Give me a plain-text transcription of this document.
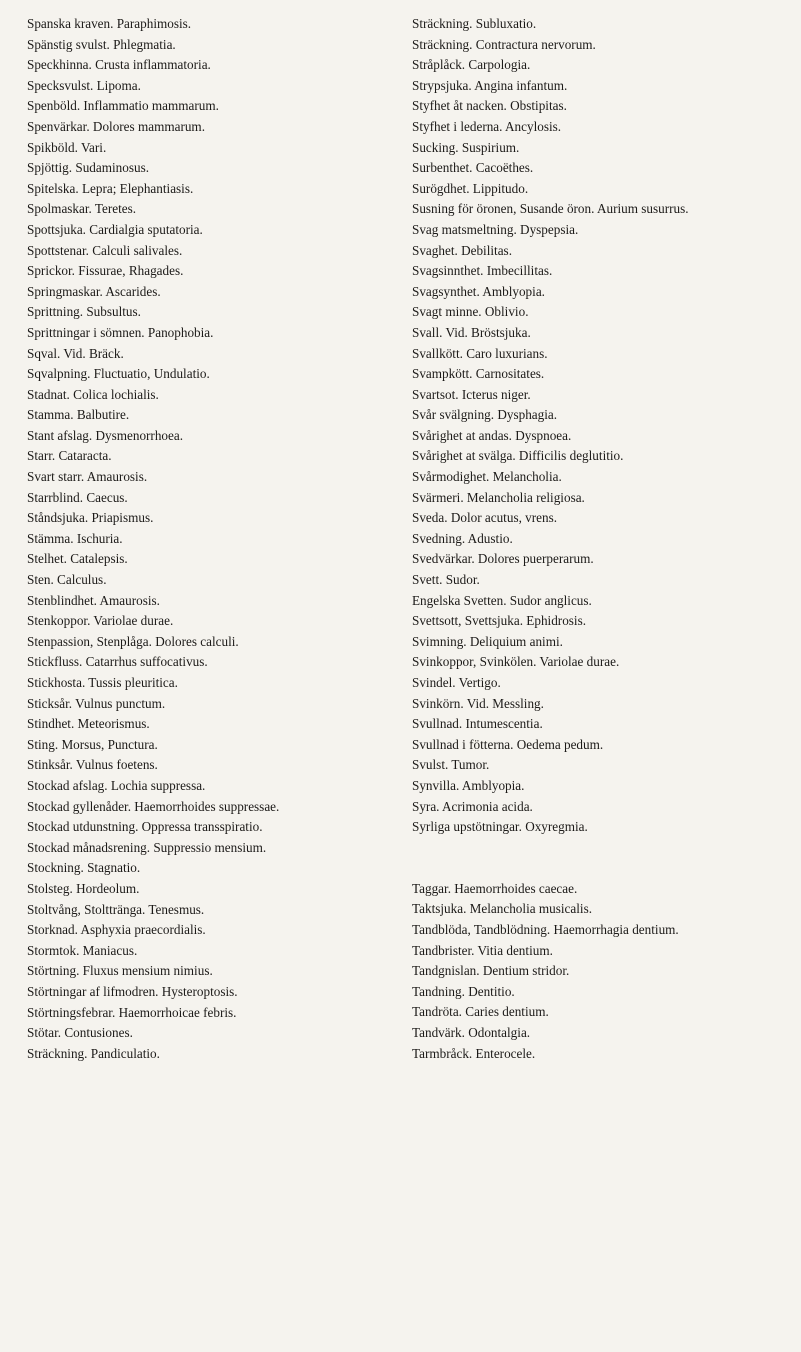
Spanska kraven. Paraphimosis.

Spänstig svulst. Phlegmatia.

Speckhinna. Crusta inflammatoria.

Specksvulst. Lipoma.

Spenböld. Inflammatio mammarum.

Spenvärkar. Dolores mammarum.

Spikböld. Vari.

Spjöttig. Sudaminosus.

Spitelska. Lepra; Elephantiasis.

Spolmaskar. Teretes.

Spottsjuka. Cardialgia sputatoria.

Spottstenar. Calculi salivales.

Sprickor. Fissurae, Rhagades.

Springmaskar. Ascarides.

Sprittning. Subsultus.

Sprittningar i sömnen. Panophobia.

Sqval. Vid. Bräck.

Sqvalpning. Fluctuatio, Undulatio.

Stadnat. Colica lochialis.

Stamma. Balbutire.

Stant afslag. Dysmenorrhoea.

Starr. Cataracta.

Svart starr. Amaurosis.

Starrblind. Caecus.

Ståndsjuka. Priapismus.

Stämma. Ischuria.

Stelhet. Catalepsis.

Sten. Calculus.

Stenblindhet. Amaurosis.

Stenkoppor. Variolae durae.

Stenpassion, Stenplåga. Dolores calculi.

Stickfluss. Catarrhus suffocativus.

Stickhosta. Tussis pleuritica.

Sticksår. Vulnus punctum.

Stindhet. Meteorismus.

Sting. Morsus, Punctura.

Stinksår. Vulnus foetens.

Stockad afslag. Lochia suppressa.

Stockad gyllenåder. Haemorrhoides suppressae.

Stockad utdunstning. Oppressa transspiratio.

Stockad månadsrening. Suppressio mensium.

Stockning. Stagnatio.

Stolsteg. Hordeolum.

Stoltvång, Stolttränga. Tenesmus.

Storknad. Asphyxia praecordialis.

Stormtok. Maniacus.

Störtning. Fluxus mensium nimius.

Störtningar af lifmodren. Hysteroptosis.

Störtningsfebrar. Haemorrhoicae febris.

Stötar. Contusiones.

Sträckning. Pandiculatio.

Sträckning. Subluxatio.

Sträckning. Contractura nervorum.

Stråplåck. Carpologia.

Strypsjuka. Angina infantum.

Styfhet åt nacken. Obstipitas.

Styfhet i lederna. Ancylosis.

Sucking. Suspirium.

Surbenthet. Cacoëthes.

Surögdhet. Lippitudo.

Susning för öronen, Susande öron. Aurium susurrus.

Svag matsmeltning. Dyspepsia.

Svaghet. Debilitas.

Svagsinnthet. Imbecillitas.

Svagsynthet. Amblyopia.

Svagt minne. Oblivio.

Svall. Vid. Bröstsjuka.

Svallkött. Caro luxurians.

Svampkött. Carnositates.

Svartsot. Icterus niger.

Svår svälgning. Dysphagia.

Svårighet at andas. Dyspnoea.

Svårighet at svälga. Difficilis deglutitio.

Svårmodighet. Melancholia.

Svärmeri. Melancholia religiosa.

Sveda. Dolor acutus, vrens.

Svedning. Adustio.

Svedvärkar. Dolores puerperarum.

Svett. Sudor.

Engelska Svetten. Sudor anglicus.

Svettsott, Svettsjuka. Ephidrosis.

Svimning. Deliquium animi.

Svinkoppor, Svinkölen. Variolae durae.

Svindel. Vertigo.

Svinkörn. Vid. Messling.

Svullnad. Intumescentia.

Svullnad i fötterna. Oedema pedum.

Svulst. Tumor.

Synvilla. Amblyopia.

Syra. Acrimonia acida.

Syrliga upstötningar. Oxyregmia.

Taggar. Haemorrhoides caecae.

Taktsjuka. Melancholia musicalis.

Tandblöda, Tandblödning. Haemorrhagia dentium.

Tandbrister. Vitia dentium.

Tandgnislan. Dentium stridor.

Tandning. Dentitio.

Tandröta. Caries dentium.

Tandvärk. Odontalgia.

Tarmbråck. Enterocele.
